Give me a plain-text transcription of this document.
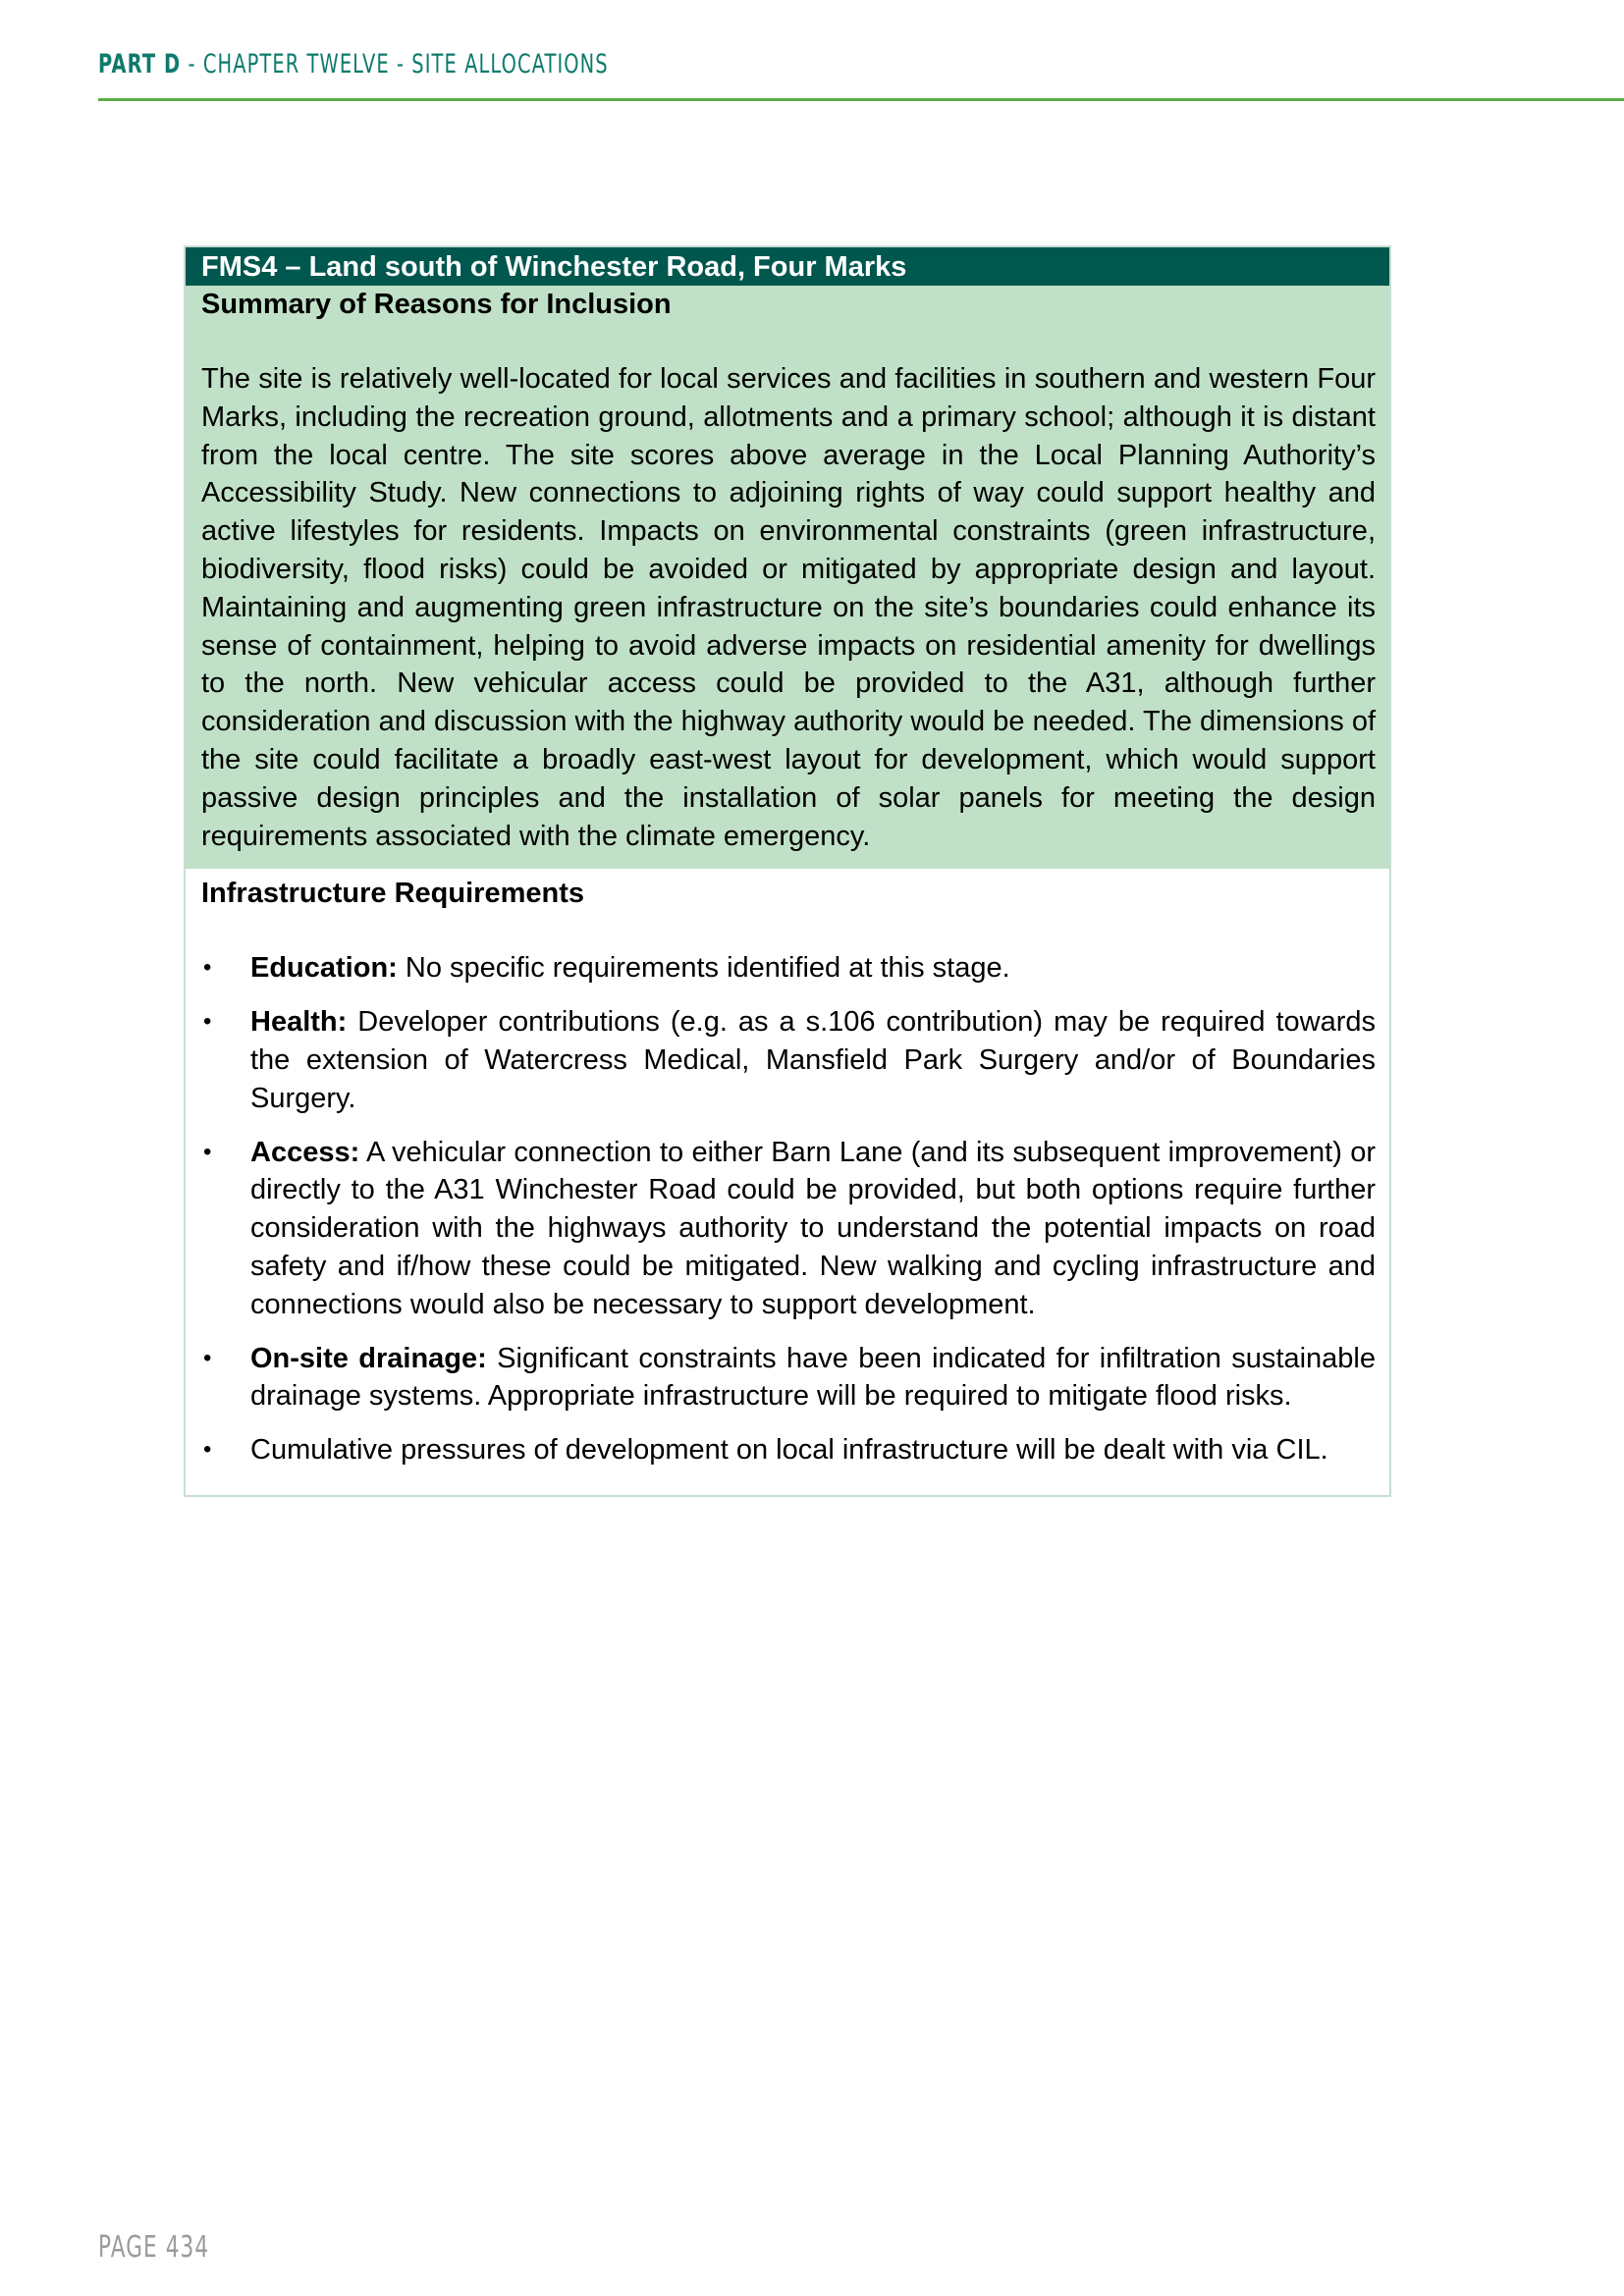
PART D - CHAPTER TWELVE - SITE ALLOCATIONS
FMS4 – Land south of Winchester Road, Four Marks
Summary of Reasons for Inclusion

The site is relatively well-located for local services and facilities in southern and western Four Marks, including the recreation ground, allotments and a primary school; although it is distant from the local centre. The site scores above average in the Local Planning Authority’s Accessibility Study. New connections to adjoining rights of way could support healthy and active lifestyles for residents. Impacts on environmental constraints (green infrastructure, biodiversity, flood risks) could be avoided or mitigated by appropriate design and layout. Maintaining and augmenting green infrastructure on the site’s boundaries could enhance its sense of containment, helping to avoid adverse impacts on residential amenity for dwellings to the north. New vehicular access could be provided to the A31, although further consideration and discussion with the highway authority would be needed. The dimensions of the site could facilitate a broadly east-west layout for development, which would support passive design principles and the installation of solar panels for meeting the design requirements associated with the climate emergency.

Infrastructure Requirements
• Education: No specific requirements identified at this stage.
• Health: Developer contributions (e.g. as a s.106 contribution) may be required towards the extension of Watercress Medical, Mansfield Park Surgery and/or of Boundaries Surgery.
• Access: A vehicular connection to either Barn Lane (and its subsequent improvement) or directly to the A31 Winchester Road could be provided, but both options require further consideration with the highways authority to understand the potential impacts on road safety and if/how these could be mitigated. New walking and cycling infrastructure and connections would also be necessary to support development.
• On-site drainage: Significant constraints have been indicated for infiltration sustainable drainage systems. Appropriate infrastructure will be required to mitigate flood risks.
• Cumulative pressures of development on local infrastructure will be dealt with via CIL.
PAGE 434
